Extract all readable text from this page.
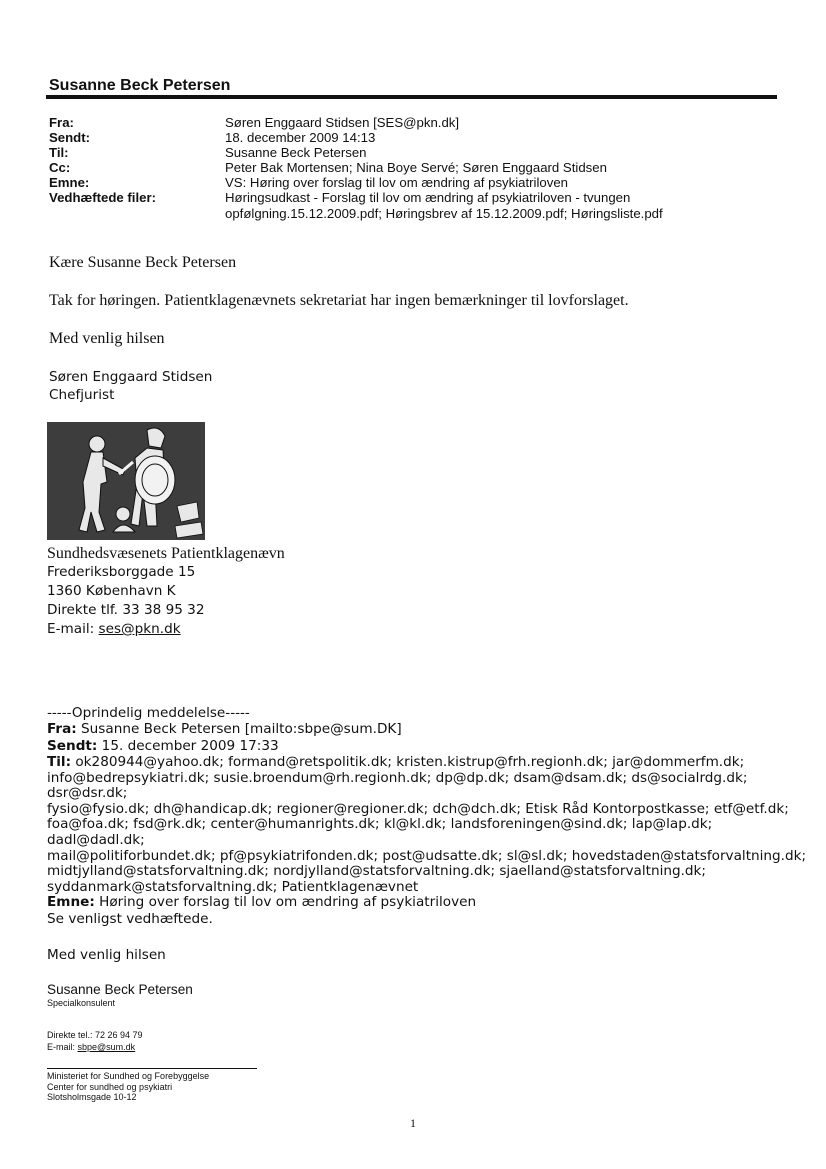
Susanne Beck Petersen
Fra:	Søren Enggaard Stidsen [SES@pkn.dk]
Sendt:	18. december 2009 14:13
Til:	Susanne Beck Petersen
Cc:	Peter Bak Mortensen; Nina Boye Servé; Søren Enggaard Stidsen
Emne:	VS: Høring over forslag til lov om ændring af psykiatriloven
Vedhæftede filer:	Høringsudkast - Forslag til lov om ændring af psykiatriloven - tvungen opfølgning.15.12.2009.pdf; Høringsbrev af 15.12.2009.pdf; Høringsliste.pdf
Kære Susanne Beck Petersen
Tak for høringen. Patientklagenævnets sekretariat har ingen bemærkninger til lovforslaget.
Med venlig hilsen
Søren Enggaard Stidsen
Chefjurist
Sundhedsvæsenets Patientklagenævn
Frederiksborggade 15
1360 København K
Direkte tlf. 33 38 95 32
E-mail: ses@pkn.dk
-----Oprindelig meddelelse-----
Fra: Susanne Beck Petersen [mailto:sbpe@sum.DK]
Sendt: 15. december 2009 17:33
Til: ok280944@yahoo.dk; formand@retspolitik.dk; kristen.kistrup@frh.regionh.dk; jar@dommerfm.dk;
info@bedrepsykiatri.dk; susie.broendum@rh.regionh.dk; dp@dp.dk; dsam@dsam.dk; ds@socialrdg.dk; dsr@dsr.dk;
fysio@fysio.dk; dh@handicap.dk; regioner@regioner.dk; dch@dch.dk; Etisk Råd Kontorpostkasse; etf@etf.dk;
foa@foa.dk; fsd@rk.dk; center@humanrights.dk; kl@kl.dk; landsforeningen@sind.dk; lap@lap.dk; dadl@dadl.dk;
mail@politiforbundet.dk; pf@psykiatrifonden.dk; post@udsatte.dk; sl@sl.dk; hovedstaden@statsforvaltning.dk;
midtjylland@statsforvaltning.dk; nordjylland@statsforvaltning.dk; sjaelland@statsforvaltning.dk;
syddanmark@statsforvaltning.dk; Patientklagenævnet
Emne: Høring over forslag til lov om ændring af psykiatriloven
Se venligst vedhæftede.
Med venlig hilsen
Susanne Beck Petersen
Specialkonsulent
Direkte tel.: 72 26 94 79
E-mail: sbpe@sum.dk
Ministeriet for Sundhed og Forebyggelse
Center for sundhed og psykiatri
Slotsholmsgade 10-12
1
